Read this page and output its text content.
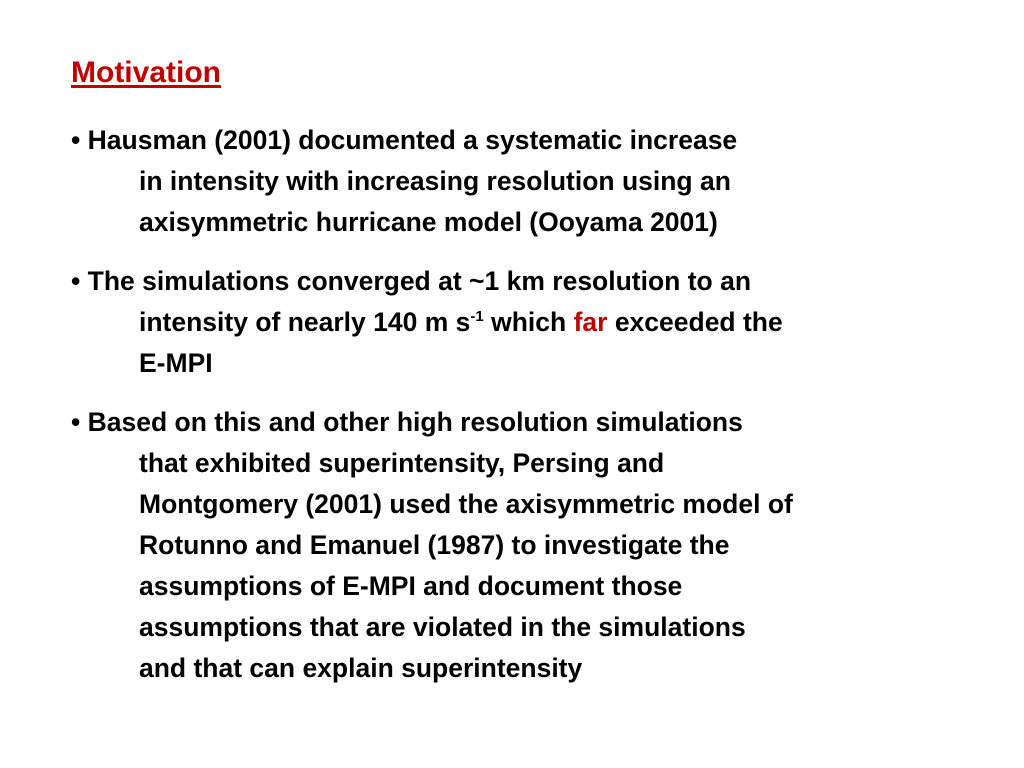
Motivation
• Hausman (2001) documented a systematic increase
in intensity with increasing resolution using an
axisymmetric hurricane model (Ooyama 2001)
• The simulations converged at ~1 km resolution to an
intensity of nearly 140 m $s^{-1}$ which far exceeded the
E-MPI
• Based on this and other high resolution simulations
that exhibited superintensity, Persing and
Montgomery (2001) used the axisymmetric model of
Rotunno and Emanuel (1987) to investigate the
assumptions of E-MPI and document those
assumptions that are violated in the simulations
and that can explain superintensity
